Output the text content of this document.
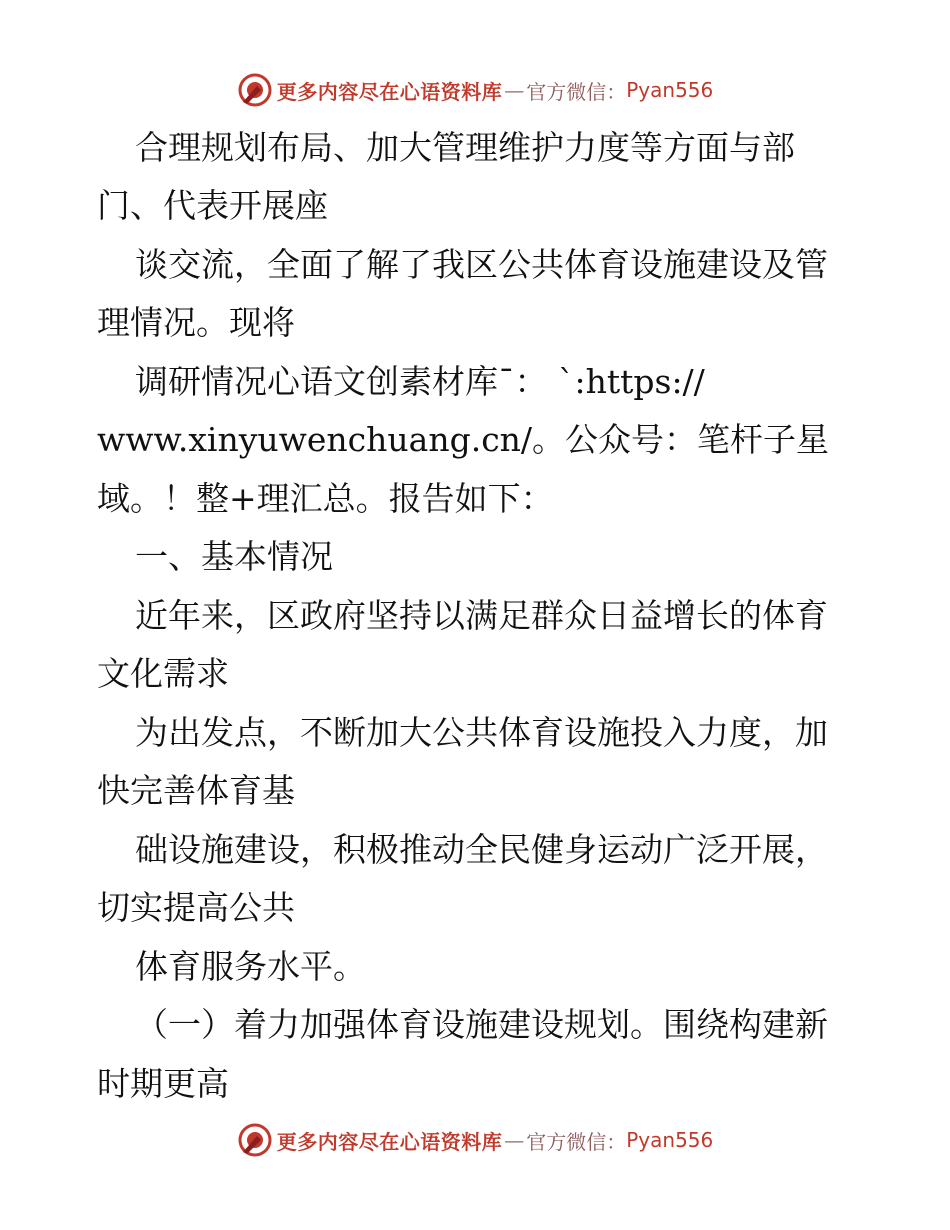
更多内容尽在心语资料库 — 官方微信： Pyan556
合理规划布局、加大管理维护力度等方面与部
门、代表开展座
谈交流，全面了解了我区公共体育设施建设及管
理情况。现将
调研情况心语文创素材库¯： `:https://
www.xinyuwenchuang.cn/。公众号：笔杆子星
域。！整+理汇总。报告如下：
一、基本情况
近年来，区政府坚持以满足群众日益增长的体育
文化需求
为出发点，不断加大公共体育设施投入力度，加
快完善体育基
础设施建设，积极推动全民健身运动广泛开展，
切实提高公共
体育服务水平。
（一）着力加强体育设施建设规划。围绕构建新
时期更高
更多内容尽在心语资料库 — 官方微信： Pyan556
